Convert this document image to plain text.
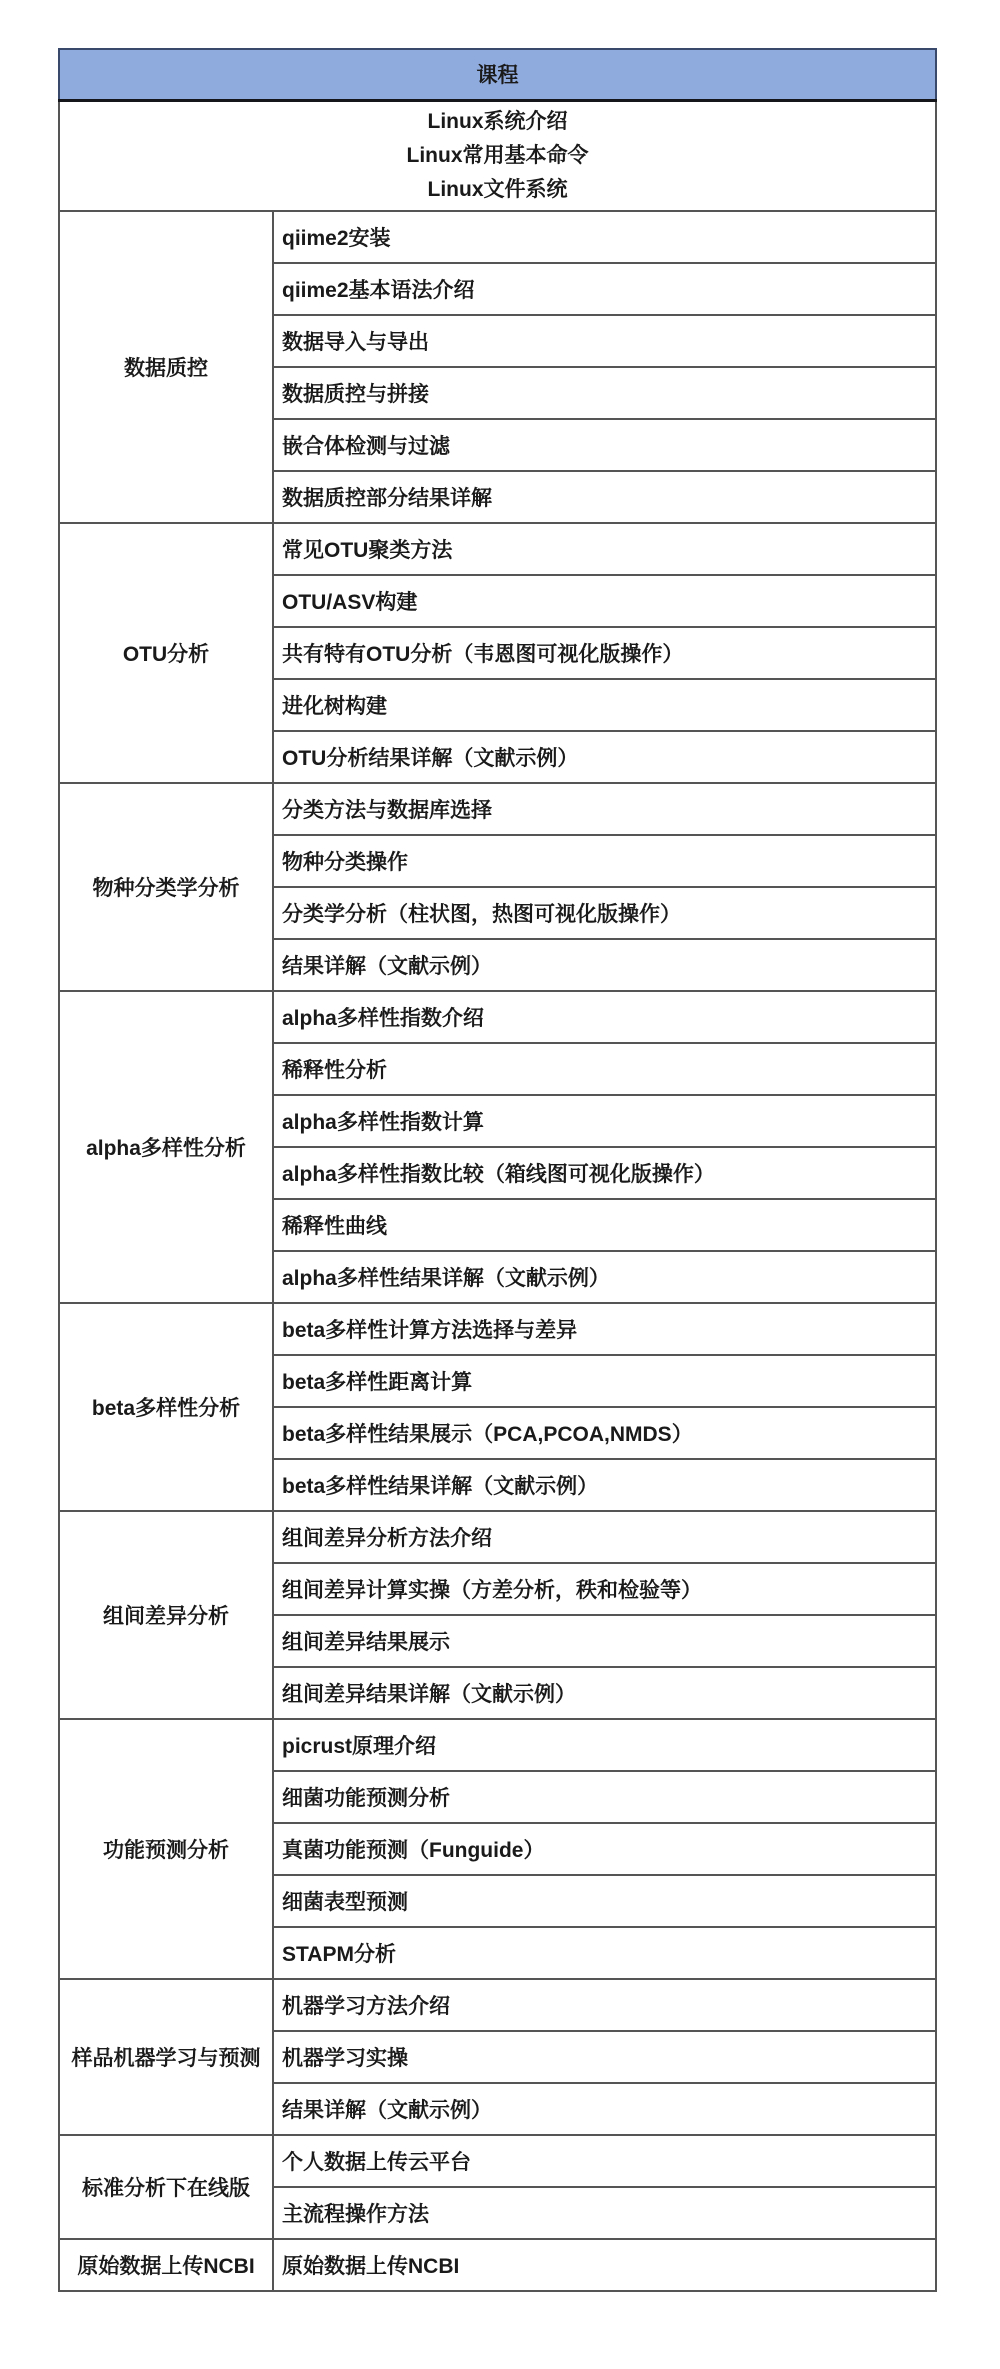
课程	

Linux系统介绍
Linux常用基本命令
Linux文件系统	

数据质控	qiime2安装
	qiime2基本语法介绍
	数据导入与导出
	数据质控与拼接
	嵌合体检测与过滤
	数据质控部分结果详解
OTU分析	常见OTU聚类方法
	OTU/ASV构建
	共有特有OTU分析（韦恩图可视化版操作）
	进化树构建
	OTU分析结果详解（文献示例）
物种分类学分析	分类方法与数据库选择
	物种分类操作
	分类学分析（柱状图，热图可视化版操作）
	结果详解（文献示例）
alpha多样性分析	alpha多样性指数介绍
	稀释性分析
	alpha多样性指数计算
	alpha多样性指数比较（箱线图可视化版操作）
	稀释性曲线
	alpha多样性结果详解（文献示例）
beta多样性分析	beta多样性计算方法选择与差异
	beta多样性距离计算
	beta多样性结果展示（PCA,PCOA,NMDS）
	beta多样性结果详解（文献示例）
组间差异分析	组间差异分析方法介绍
	组间差异计算实操（方差分析，秩和检验等）
	组间差异结果展示
	组间差异结果详解（文献示例）
功能预测分析	picrust原理介绍
	细菌功能预测分析
	真菌功能预测（Funguide）
	细菌表型预测
	STAPM分析
样品机器学习与预测	机器学习方法介绍
	机器学习实操
	结果详解（文献示例）
标准分析下在线版	个人数据上传云平台
	主流程操作方法
原始数据上传NCBI	原始数据上传NCBI
